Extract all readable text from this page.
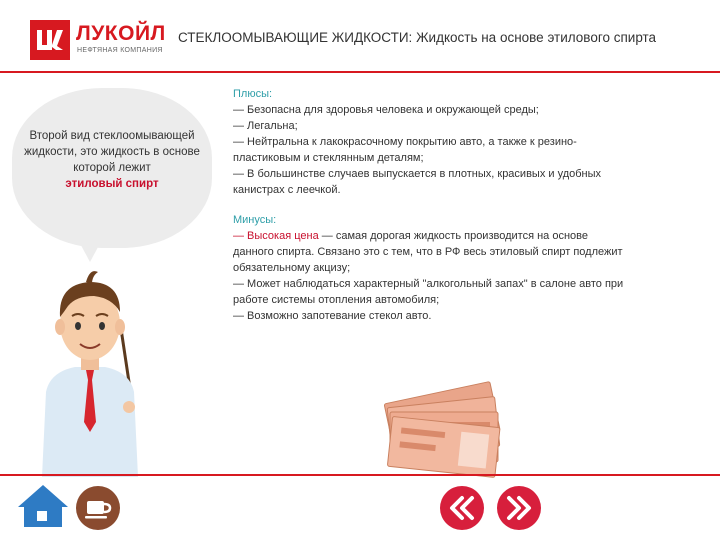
ЛУКОЙЛ
НЕФТЯНАЯ КОМПАНИЯ
СТЕКЛООМЫВАЮЩИЕ ЖИДКОСТИ: Жидкость на основе этилового спирта
Второй вид стеклоомывающей жидкости, это жидкость в основе которой лежит
этиловый спирт
Плюсы:
— Безопасна для здоровья человека и окружающей среды;
— Легальна;
— Нейтральна к лакокрасочному покрытию авто, а также к резино-
пластиковым и стеклянным деталям;
— В большинстве случаев выпускается в плотных, красивых и удобных
канистрах с леечкой.
Минусы:
— Высокая цена — самая дорогая жидкость производится на основе
данного спирта. Связано это с тем, что в РФ весь этиловый спирт подлежит
обязательному акцизу;
— Может наблюдаться характерный "алкогольный запах" в салоне авто при
работе системы отопления автомобиля;
— Возможно запотевание стекол авто.
